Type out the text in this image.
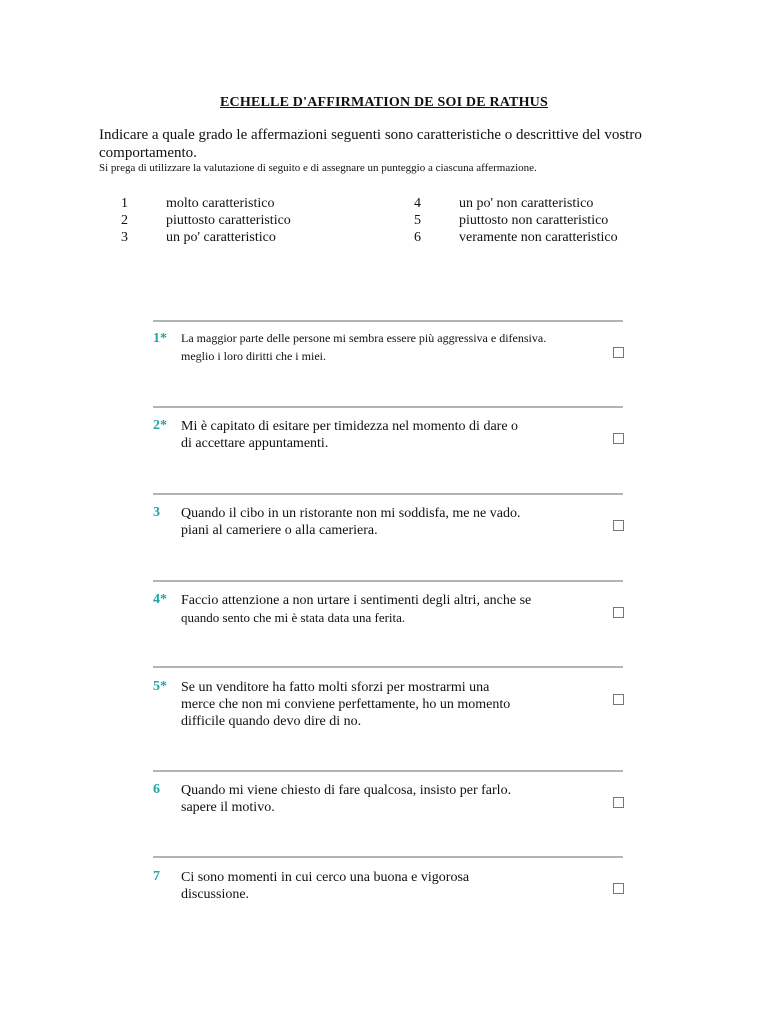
ECHELLE D'AFFIRMATION DE SOI DE RATHUS
Indicare a quale grado le affermazioni seguenti sono caratteristiche o descrittive del vostro comportamento.
Si prega di utilizzare la valutazione di seguito e di assegnare un punteggio a ciascuna affermazione.
1	molto caratteristico
2	piuttosto caratteristico
3	un po' caratteristico
4	un po' non caratteristico
5	piuttosto non caratteristico
6	veramente non caratteristico
1* La maggior parte delle persone mi sembra essere più aggressiva e difensiva.
meglio i loro diritti che i miei.
2* Mi è capitato di esitare per timidezza nel momento di dare o
di accettare appuntamenti.
3 Quando il cibo in un ristorante non mi soddisfa, me ne vado.
piani al cameriere o alla cameriera.
4* Faccio attenzione a non urtare i sentimenti degli altri, anche se
quando sento che mi è stata data una ferita.
5* Se un venditore ha fatto molti sforzi per mostrarmi una
merce che non mi conviene perfettamente, ho un momento
difficile quando devo dire di no.
6 Quando mi viene chiesto di fare qualcosa, insisto per farlo.
sapere il motivo.
7 Ci sono momenti in cui cerco una buona e vigorosa
discussione.
